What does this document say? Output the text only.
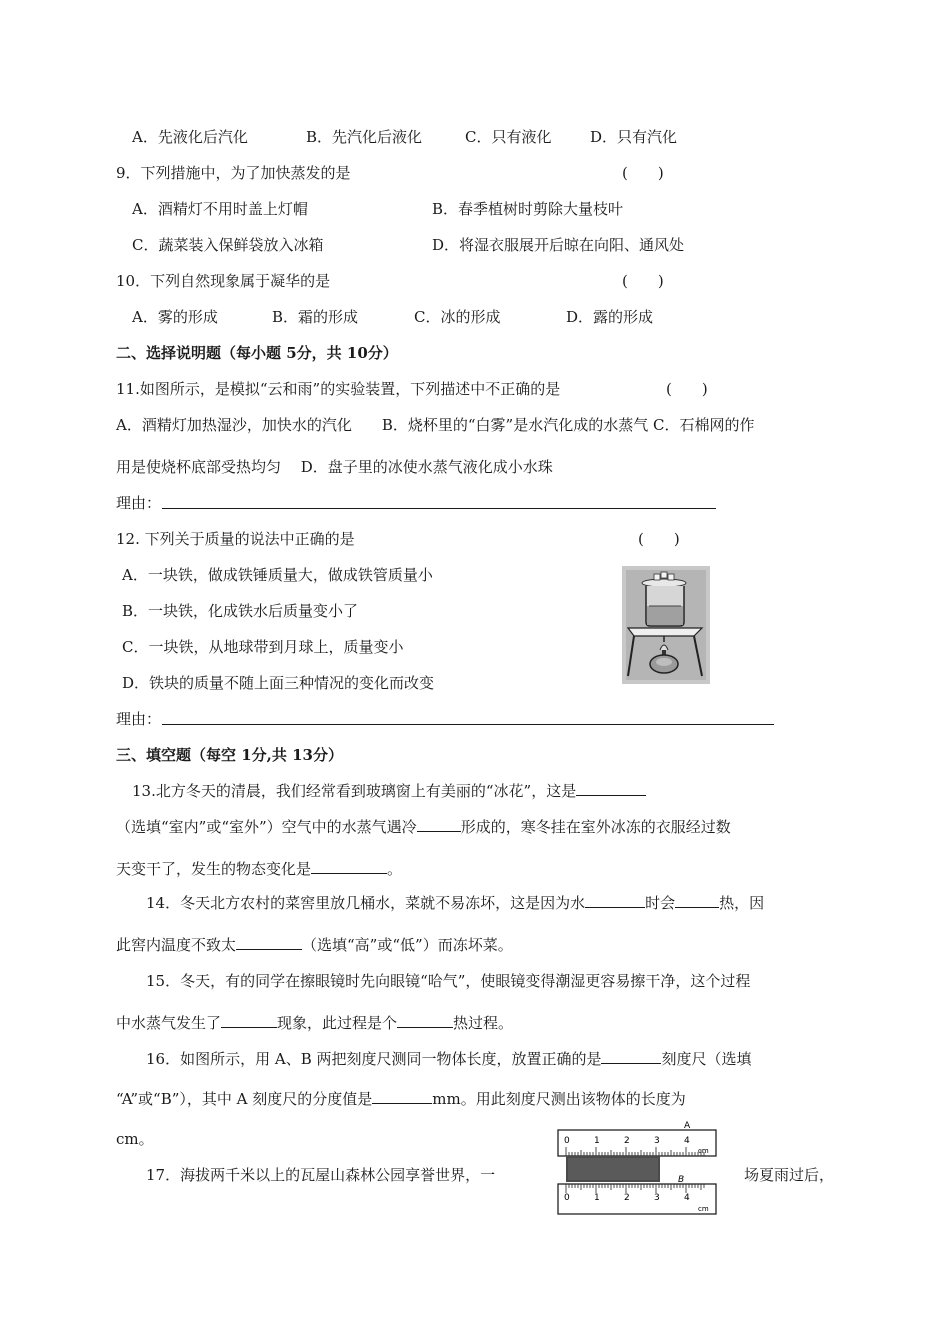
A．先液化后汽化	B．先汽化后液化	C．只有液化	D．只有汽化
9．下列措施中，为了加快蒸发的是	(　　)
A．酒精灯不用时盖上灯帽	B．春季植树时剪除大量枝叶
C．蔬菜装入保鲜袋放入冰箱	D．将湿衣服展开后晾在向阳、通风处
10．下列自然现象属于凝华的是	(　　)
A．雾的形成	B．霜的形成	C．冰的形成	D．露的形成
二、选择说明题（每小题 5分，共 10分）
11.如图所示，是模拟“云和雨”的实验装置，下列描述中不正确的是	(　　)
A．酒精灯加热湿沙，加快水的汽化　　B．烧杯里的“白雾”是水汽化成的水蒸气 C．石棉网的作
用是使烧杯底部受热均匀　 D．盘子里的冰使水蒸气液化成小水珠
理由：
12. 下列关于质量的说法中正确的是	(　　)
A．一块铁，做成铁锤质量大，做成铁管质量小
B．一块铁，化成铁水后质量变小了
C．一块铁，从地球带到月球上，质量变小
D．铁块的质量不随上面三种情况的变化而改变
理由：
三、填空题（每空 1分,共 13分）
13.北方冬天的清晨，我们经常看到玻璃窗上有美丽的“冰花”，这是
（选填“室内”或“室外”）空气中的水蒸气遇冷	形成的，寒冬挂在室外冰冻的衣服经过数
天变干了，发生的物态变化是	。
14．冬天北方农村的菜窖里放几桶水，菜就不易冻坏，这是因为水	时会	热，因
此窖内温度不致太	（选填“高”或“低”）而冻坏菜。
15．冬天，有的同学在擦眼镜时先向眼镜“哈气”，使眼镜变得潮湿更容易擦干净，这个过程
中水蒸气发生了	现象，此过程是个	热过程。
16．如图所示，用 A、B 两把刻度尺测同一物体长度，放置正确的是	刻度尺（选填
“A”或“B”），其中 A 刻度尺的分度值是	mm。用此刻度尺测出该物体的长度为
cm。
17．海拔两千米以上的瓦屋山森林公园享誉世界，一	场夏雨过后，
A
0	1	2	3	4
cm
B
0	1	2	3	4
cm
